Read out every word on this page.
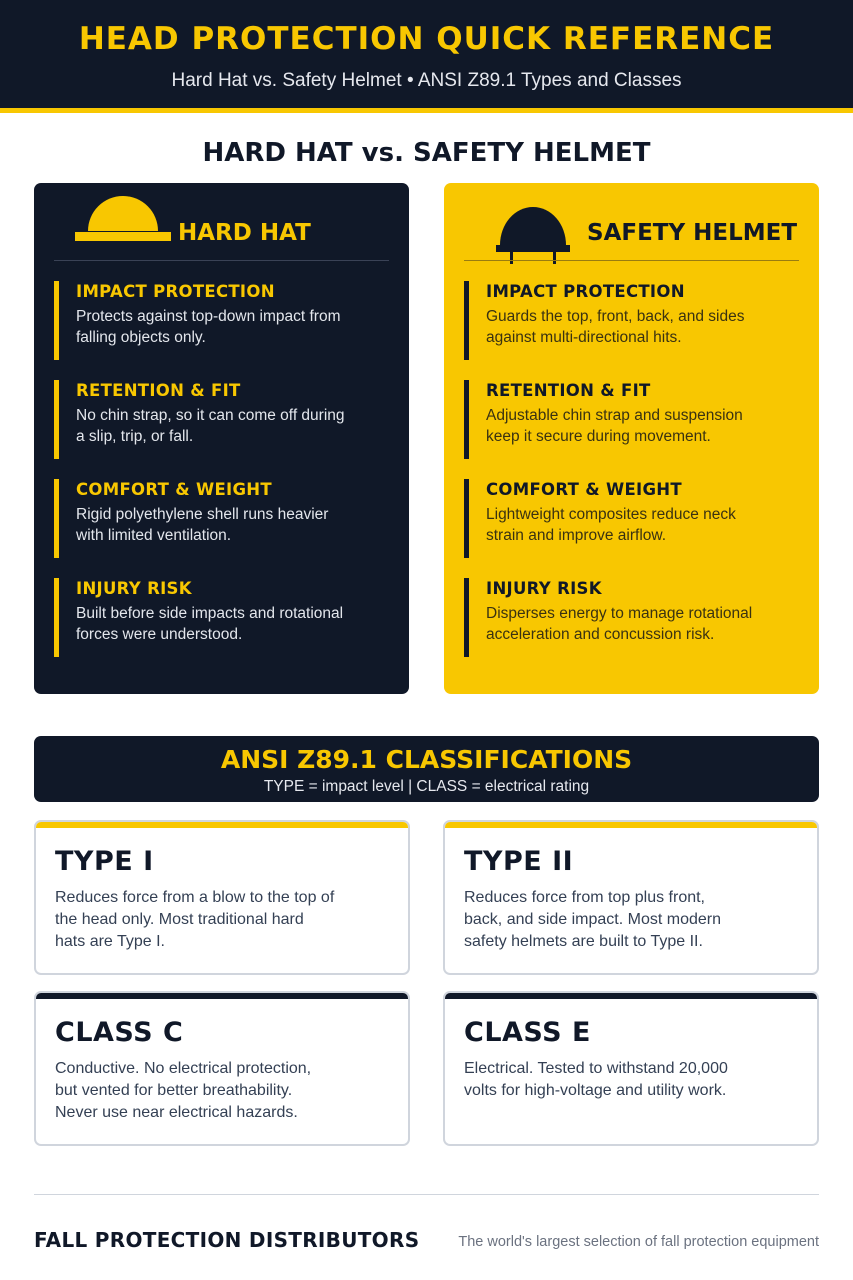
HEAD PROTECTION QUICK REFERENCE
Hard Hat vs. Safety Helmet • ANSI Z89.1 Types and Classes
HARD HAT vs. SAFETY HELMET
HARD HAT
IMPACT PROTECTION
Protects against top-down impact from falling objects only.
RETENTION & FIT
No chin strap, so it can come off during a slip, trip, or fall.
COMFORT & WEIGHT
Rigid polyethylene shell runs heavier with limited ventilation.
INJURY RISK
Built before side impacts and rotational forces were understood.
SAFETY HELMET
IMPACT PROTECTION
Guards the top, front, back, and sides against multi-directional hits.
RETENTION & FIT
Adjustable chin strap and suspension keep it secure during movement.
COMFORT & WEIGHT
Lightweight composites reduce neck strain and improve airflow.
INJURY RISK
Disperses energy to manage rotational acceleration and concussion risk.
ANSI Z89.1 CLASSIFICATIONS
TYPE = impact level | CLASS = electrical rating
TYPE I
Reduces force from a blow to the top of the head only. Most traditional hard hats are Type I.
TYPE II
Reduces force from top plus front, back, and side impact. Most modern safety helmets are built to Type II.
CLASS C
Conductive. No electrical protection, but vented for better breathability. Never use near electrical hazards.
CLASS E
Electrical. Tested to withstand 20,000 volts for high-voltage and utility work.
FALL PROTECTION DISTRIBUTORS	The world's largest selection of fall protection equipment
